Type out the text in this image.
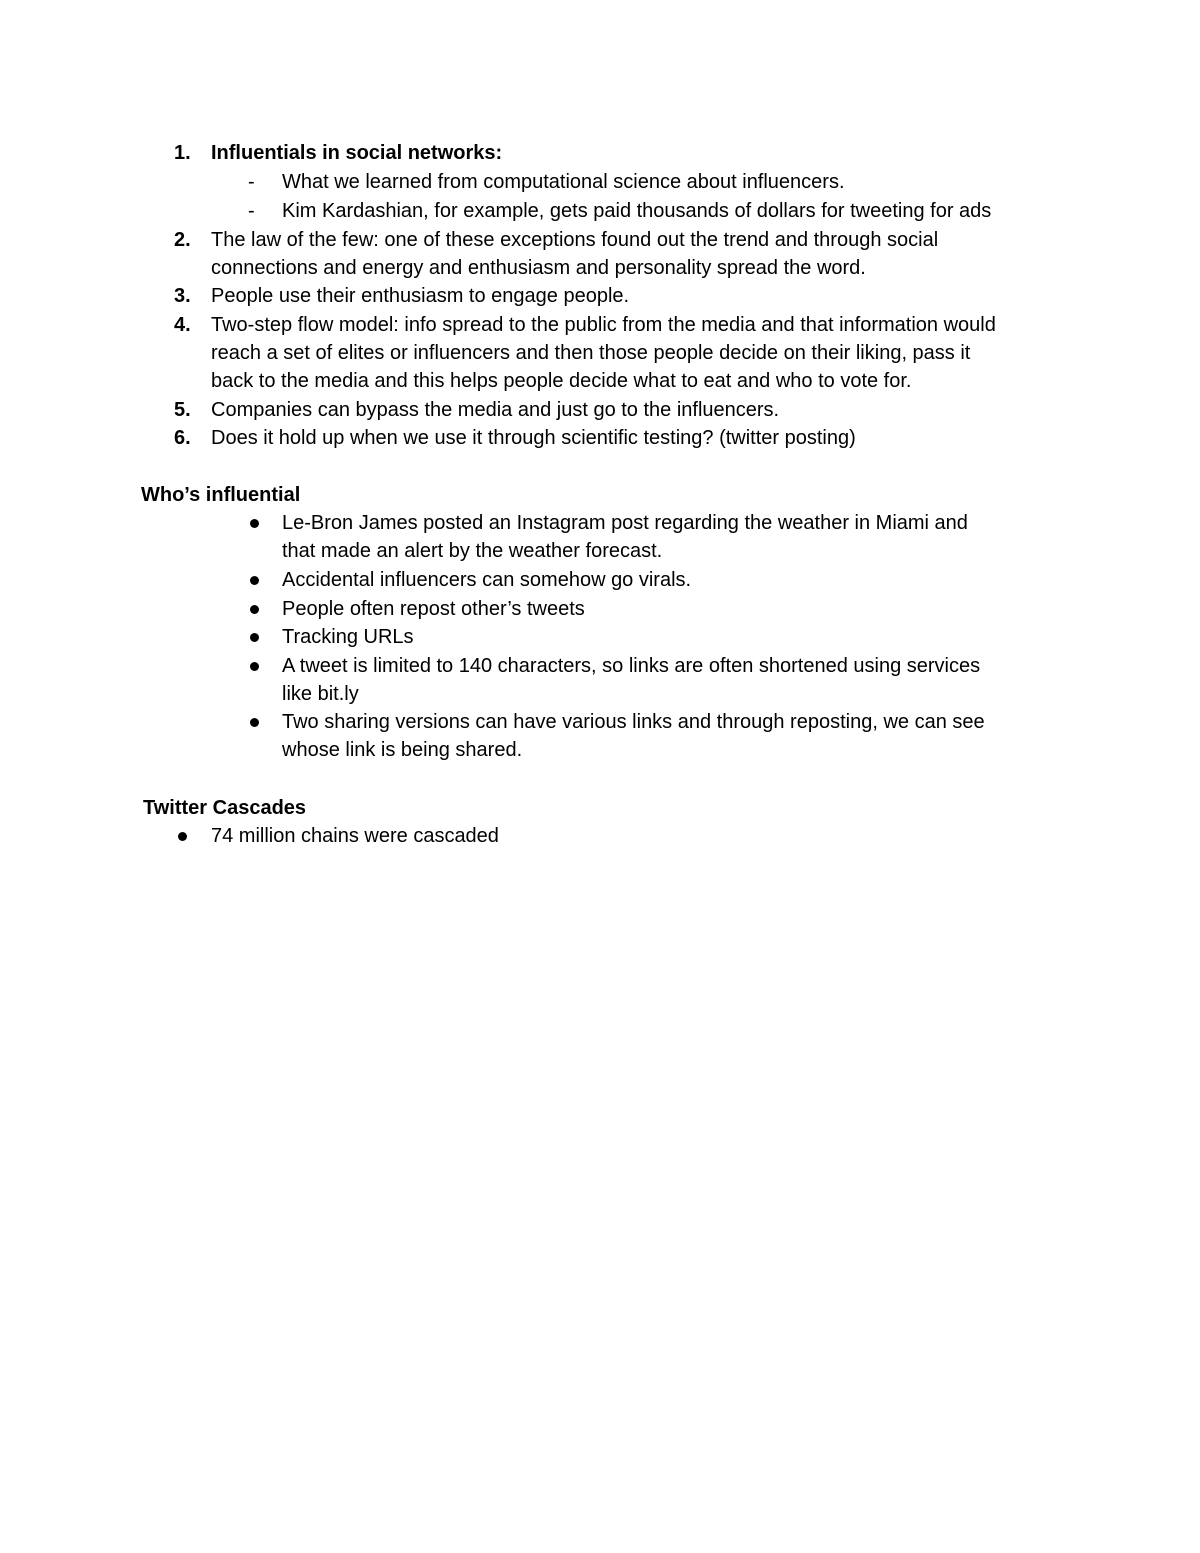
1. Influentials in social networks:
- What we learned from computational science about influencers.
- Kim Kardashian, for example, gets paid thousands of dollars for tweeting for ads
2. The law of the few: one of these exceptions found out the trend and through social
connections and energy and enthusiasm and personality spread the word.
3. People use their enthusiasm to engage people.
4. Two-step flow model: info spread to the public from the media and that information would
reach a set of elites or influencers and then those people decide on their liking, pass it
back to the media and this helps people decide what to eat and who to vote for.
5. Companies can bypass the media and just go to the influencers.
6. Does it hold up when we use it through scientific testing? (twitter posting)
Who’s influential
Le-Bron James posted an Instagram post regarding the weather in Miami and
that made an alert by the weather forecast.
Accidental influencers can somehow go virals.
People often repost other’s tweets
Tracking URLs
A tweet is limited to 140 characters, so links are often shortened using services
like bit.ly
Two sharing versions can have various links and through reposting, we can see
whose link is being shared.
Twitter Cascades
74 million chains were cascaded
